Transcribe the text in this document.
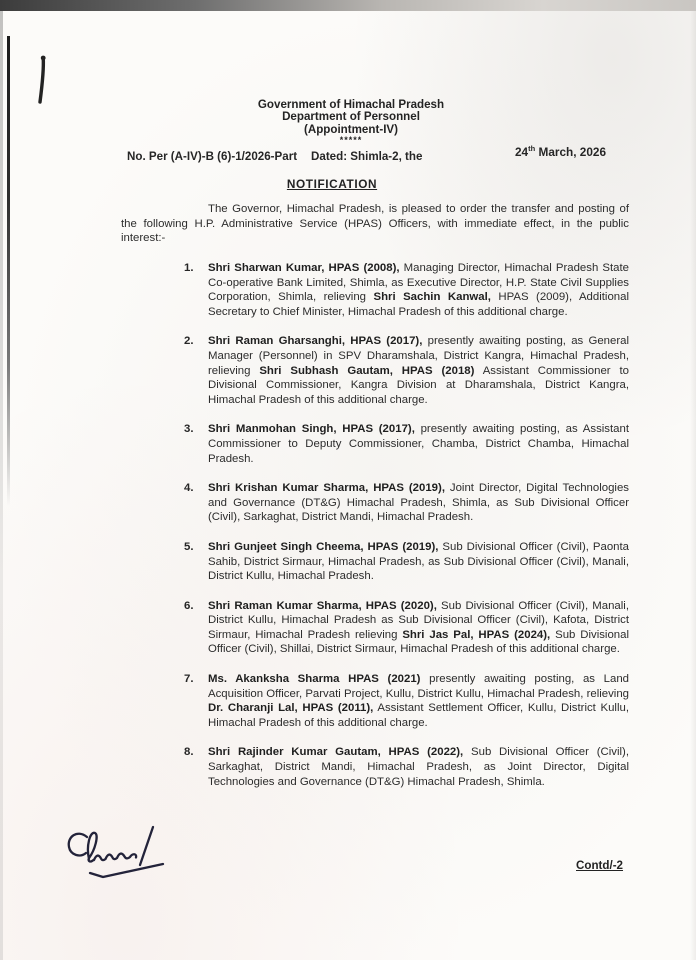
Government of Himachal Pradesh
Department of Personnel
(Appointment-IV)
*****
No. Per (A-IV)-B (6)-1/2026-Part Dated: Shimla-2, the	24th March, 2026
NOTIFICATION

The Governor, Himachal Pradesh, is pleased to order the transfer and posting of the following H.P. Administrative Service (HPAS) Officers, with immediate effect, in the public interest:-

1. Shri Sharwan Kumar, HPAS (2008), Managing Director, Himachal Pradesh State Co-operative Bank Limited, Shimla, as Executive Director, H.P. State Civil Supplies Corporation, Shimla, relieving Shri Sachin Kanwal, HPAS (2009), Additional Secretary to Chief Minister, Himachal Pradesh of this additional charge.
2. Shri Raman Gharsanghi, HPAS (2017), presently awaiting posting, as General Manager (Personnel) in SPV Dharamshala, District Kangra, Himachal Pradesh, relieving Shri Subhash Gautam, HPAS (2018) Assistant Commissioner to Divisional Commissioner, Kangra Division at Dharamshala, District Kangra, Himachal Pradesh of this additional charge.
3. Shri Manmohan Singh, HPAS (2017), presently awaiting posting, as Assistant Commissioner to Deputy Commissioner, Chamba, District Chamba, Himachal Pradesh.
4. Shri Krishan Kumar Sharma, HPAS (2019), Joint Director, Digital Technologies and Governance (DT&G) Himachal Pradesh, Shimla, as Sub Divisional Officer (Civil), Sarkaghat, District Mandi, Himachal Pradesh.
5. Shri Gunjeet Singh Cheema, HPAS (2019), Sub Divisional Officer (Civil), Paonta Sahib, District Sirmaur, Himachal Pradesh, as Sub Divisional Officer (Civil), Manali, District Kullu, Himachal Pradesh.
6. Shri Raman Kumar Sharma, HPAS (2020), Sub Divisional Officer (Civil), Manali, District Kullu, Himachal Pradesh as Sub Divisional Officer (Civil), Kafota, District Sirmaur, Himachal Pradesh relieving Shri Jas Pal, HPAS (2024), Sub Divisional Officer (Civil), Shillai, District Sirmaur, Himachal Pradesh of this additional charge.
7. Ms. Akanksha Sharma HPAS (2021) presently awaiting posting, as Land Acquisition Officer, Parvati Project, Kullu, District Kullu, Himachal Pradesh, relieving Dr. Charanji Lal, HPAS (2011), Assistant Settlement Officer, Kullu, District Kullu, Himachal Pradesh of this additional charge.
8. Shri Rajinder Kumar Gautam, HPAS (2022), Sub Divisional Officer (Civil), Sarkaghat, District Mandi, Himachal Pradesh, as Joint Director, Digital Technologies and Governance (DT&G) Himachal Pradesh, Shimla.
Contd/-2
